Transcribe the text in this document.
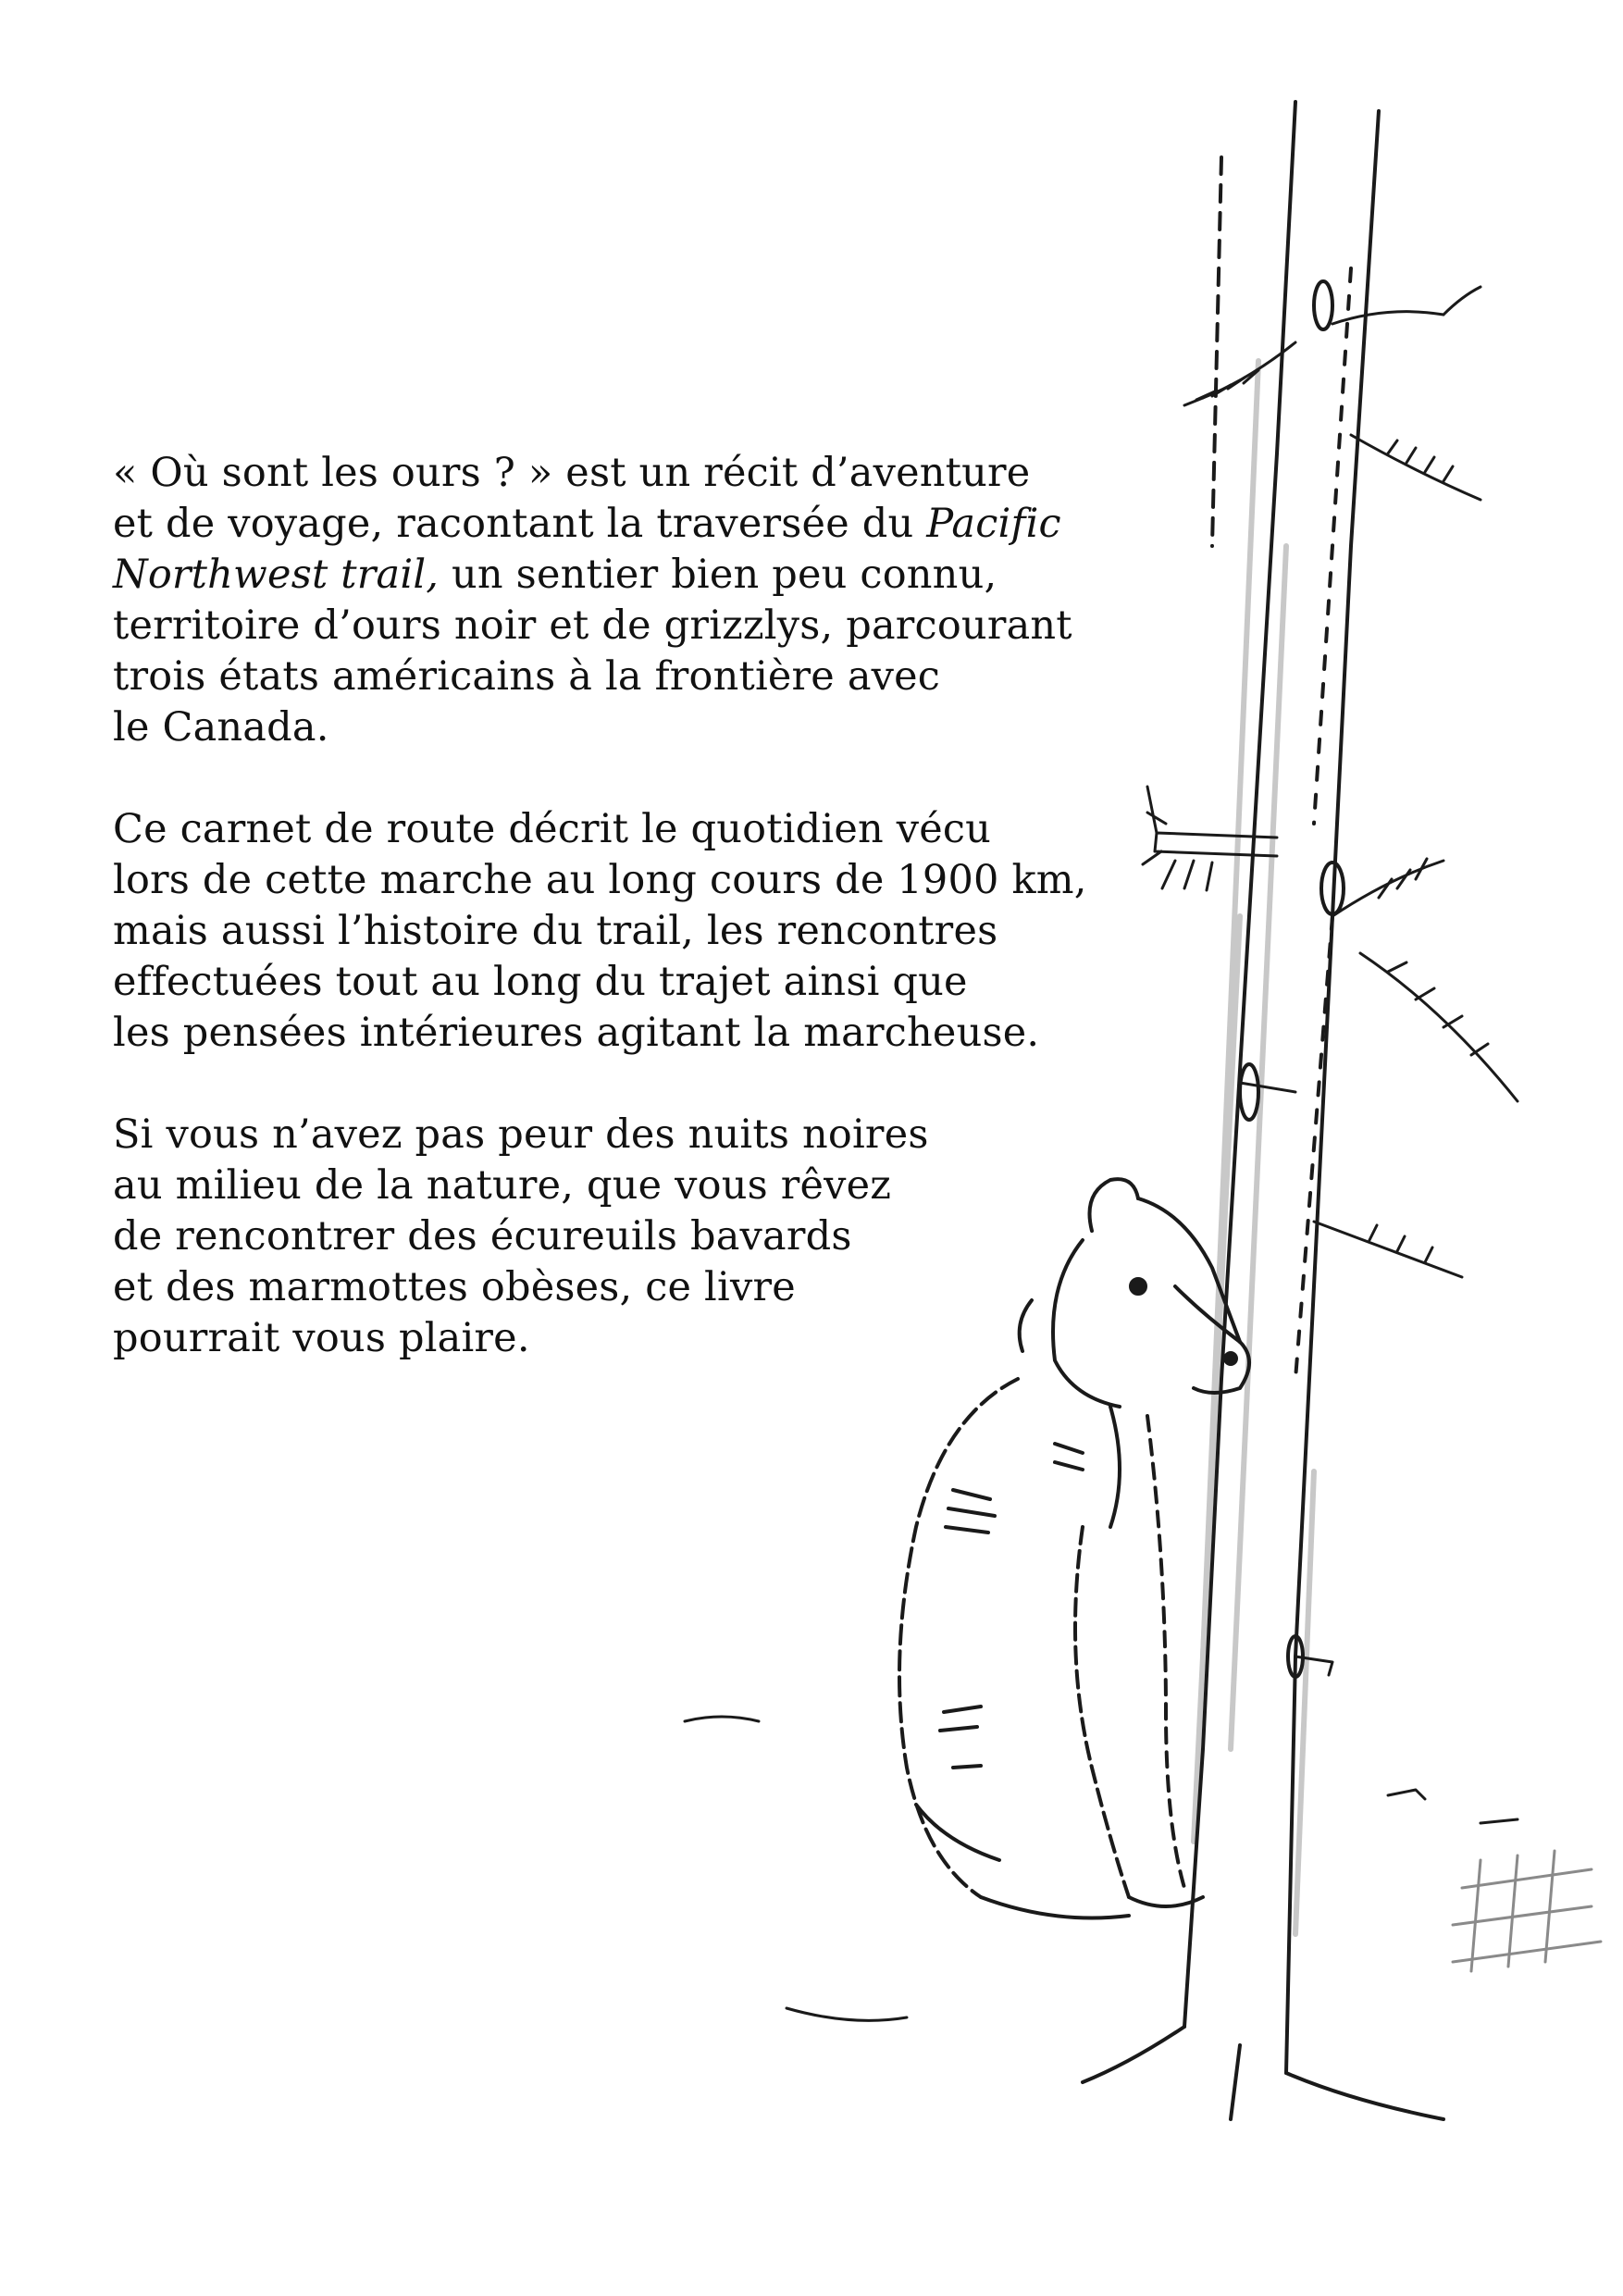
« Où sont les ours ? » est un récit d’aventure
et de voyage, racontant la traversée du Pacific
Northwest trail, un sentier bien peu connu,
territoire d’ours noir et de grizzlys, parcourant
trois états américains à la frontière avec
le Canada.

Ce carnet de route décrit le quotidien vécu
lors de cette marche au long cours de 1900 km,
mais aussi l’histoire du trail, les rencontres
effectuées tout au long du trajet ainsi que
les pensées intérieures agitant la marcheuse.

Si vous n’avez pas peur des nuits noires
au milieu de la nature, que vous rêvez
de rencontrer des écureuils bavards
et des marmottes obèses, ce livre
pourrait vous plaire.
